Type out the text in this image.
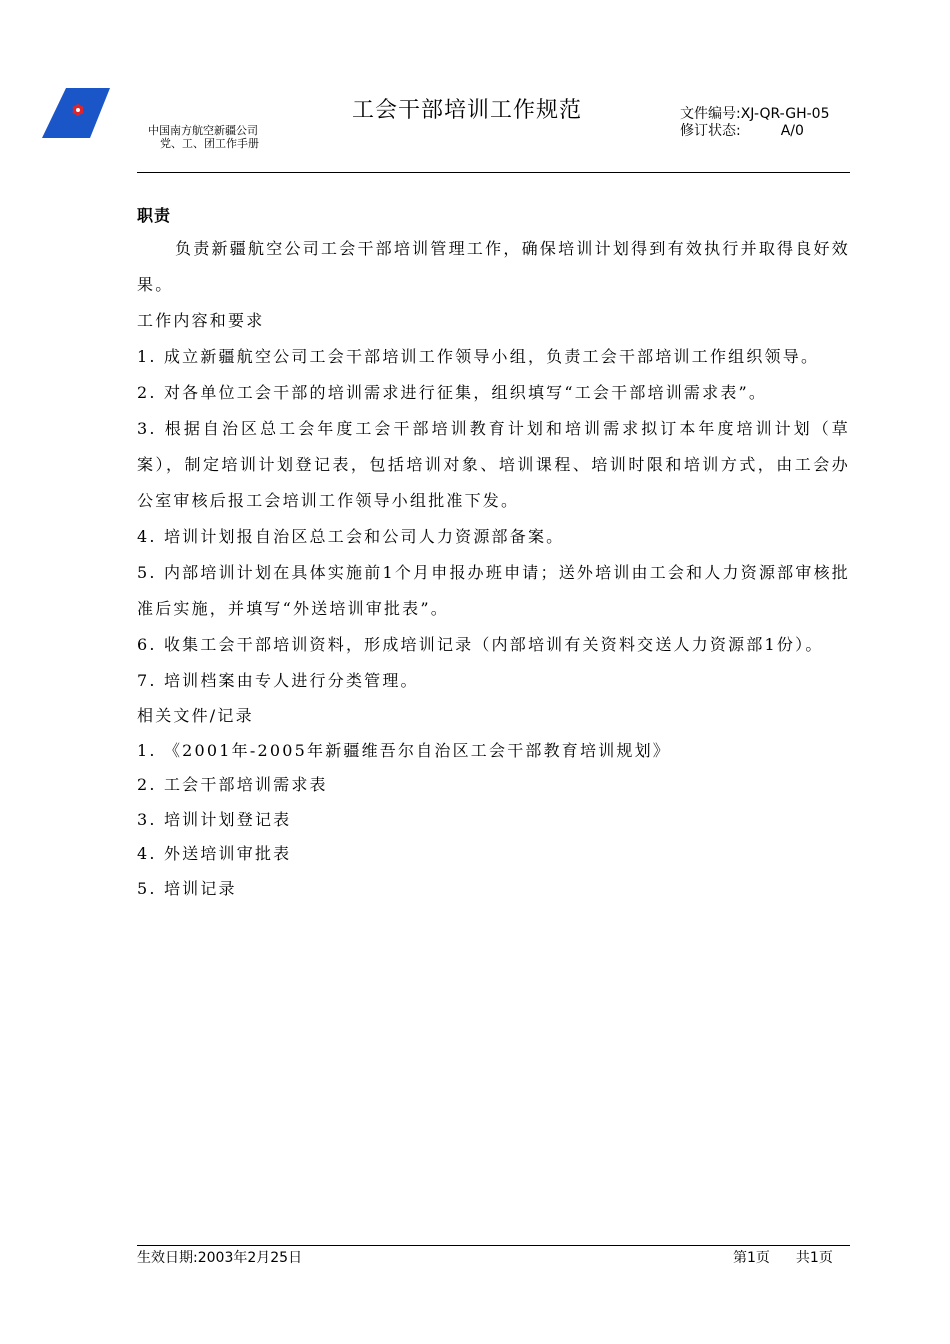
中国南方航空新疆公司
党、工、团工作手册
工会干部培训工作规范	文件编号:XJ-QR-GH-05
修订状态:	A/0

职责

负责新疆航空公司工会干部培训管理工作，确保培训计划得到有效执行并取得良好效果。

工作内容和要求

1. 成立新疆航空公司工会干部培训工作领导小组，负责工会干部培训工作组织领导。

2. 对各单位工会干部的培训需求进行征集，组织填写“工会干部培训需求表”。

3. 根据自治区总工会年度工会干部培训教育计划和培训需求拟订本年度培训计划（草案），制定培训计划登记表，包括培训对象、培训课程、培训时限和培训方式，由工会办公室审核后报工会培训工作领导小组批准下发。

4. 培训计划报自治区总工会和公司人力资源部备案。

5. 内部培训计划在具体实施前1个月申报办班申请；送外培训由工会和人力资源部审核批准后实施，并填写“外送培训审批表”。

6. 收集工会干部培训资料，形成培训记录（内部培训有关资料交送人力资源部1份）。

7. 培训档案由专人进行分类管理。

相关文件/记录

1. 《2001年-2005年新疆维吾尔自治区工会干部教育培训规划》

2. 工会干部培训需求表

3. 培训计划登记表

4. 外送培训审批表

5. 培训记录

生效日期:2003年2月25日	第1页 共1页
